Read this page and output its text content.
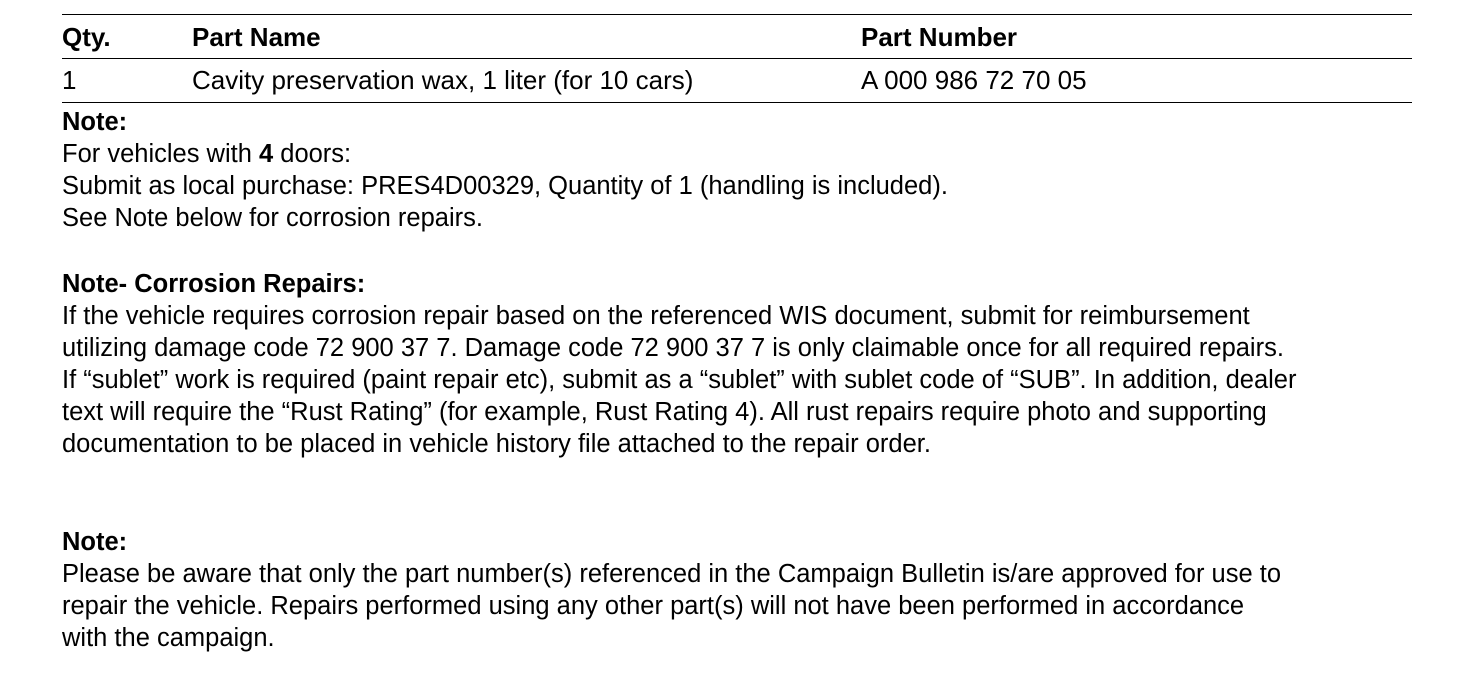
Qty.	Part Name	Part Number
1	Cavity preservation wax, 1 liter (for 10 cars)	A 000 986 72 70 05
Note:
For vehicles with 4 doors:
Submit as local purchase: PRES4D00329, Quantity of 1 (handling is included).
See Note below for corrosion repairs.
Note- Corrosion Repairs:
If the vehicle requires corrosion repair based on the referenced WIS document, submit for reimbursement
utilizing damage code 72 900 37 7. Damage code 72 900 37 7 is only claimable once for all required repairs.
If “sublet” work is required (paint repair etc), submit as a “sublet” with sublet code of “SUB”. In addition, dealer
text will require the “Rust Rating” (for example, Rust Rating 4). All rust repairs require photo and supporting
documentation to be placed in vehicle history file attached to the repair order.
Note:
Please be aware that only the part number(s) referenced in the Campaign Bulletin is/are approved for use to
repair the vehicle. Repairs performed using any other part(s) will not have been performed in accordance
with the campaign.
